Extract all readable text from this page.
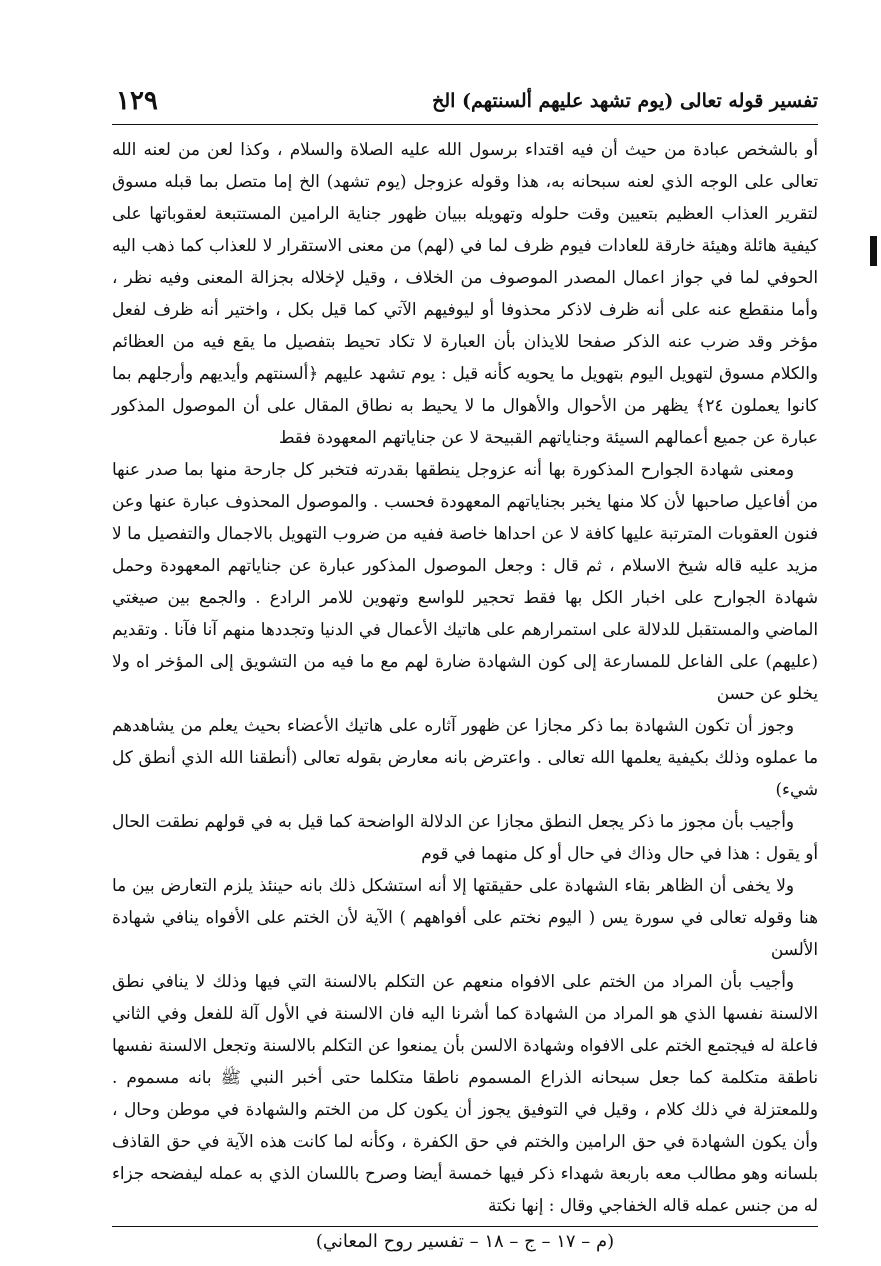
تفسير قوله تعالى (يوم تشهد عليهم ألسنتهم) الخ
١٢٩

أو بالشخص عبادة من حيث أن فيه اقتداء برسول الله عليه الصلاة والسلام ، وكذا لعن من لعنه الله تعالى على الوجه الذي لعنه سبحانه به، هذا وقوله عزوجل (يوم تشهد) الخ إما متصل بما قبله مسوق لتقرير العذاب العظيم بتعيين وقت حلوله وتهويله ببيان ظهور جناية الرامين المستتبعة لعقوباتها على كيفية هائلة وهيئة خارقة للعادات فيوم ظرف لما في (لهم) من معنى الاستقرار لا للعذاب كما ذهب اليه الحوفي لما في جواز اعمال المصدر الموصوف من الخلاف ، وقيل لإخلاله بجزالة المعنى وفيه نظر ، وأما منقطع عنه على أنه ظرف لاذكر محذوفا أو ليوفيهم الآتي كما قيل بكل ، واختير أنه ظرف لفعل مؤخر وقد ضرب عنه الذكر صفحا للايذان بأن العبارة لا تكاد تحيط بتفصيل ما يقع فيه من العظائم والكلام مسوق لتهويل اليوم بتهويل ما يحويه كأنه قيل : يوم تشهد عليهم ﴿ألسنتهم وأيديهم وأرجلهم بما كانوا يعملون ٢٤﴾ يظهر من الأحوال والأهوال ما لا يحيط به نطاق المقال على أن الموصول المذكور عبارة عن جميع أعمالهم السيئة وجناياتهم القبيحة لا عن جناياتهم المعهودة فقط

ومعنى شهادة الجوارح المذكورة بها أنه عزوجل ينطقها بقدرته فتخبر كل جارحة منها بما صدر عنها من أفاعيل صاحبها لأن كلا منها يخبر بجناياتهم المعهودة فحسب . والموصول المحذوف عبارة عنها وعن فنون العقوبات المترتبة عليها كافة لا عن احداها خاصة ففيه من ضروب التهويل بالاجمال والتفصيل ما لا مزيد عليه قاله شيخ الاسلام ، ثم قال : وجعل الموصول المذكور عبارة عن جناياتهم المعهودة وحمل شهادة الجوارح على اخبار الكل بها فقط تحجير للواسع وتهوين للامر الرادع . والجمع بين صيغتي الماضي والمستقبل للدلالة على استمرارهم على هاتيك الأعمال في الدنيا وتجددها منهم آنا فآنا . وتقديم (عليهم) على الفاعل للمسارعة إلى كون الشهادة ضارة لهم مع ما فيه من التشويق إلى المؤخر اه ولا يخلو عن حسن

وجوز أن تكون الشهادة بما ذكر مجازا عن ظهور آثاره على هاتيك الأعضاء بحيث يعلم من يشاهدهم ما عملوه وذلك بكيفية يعلمها الله تعالى . واعترض بانه معارض بقوله تعالى (أنطقنا الله الذي أنطق كل شيء)

وأجيب بأن مجوز ما ذكر يجعل النطق مجازا عن الدلالة الواضحة كما قيل به في قولهم نطقت الحال أو يقول : هذا في حال وذاك في حال أو كل منهما في قوم

ولا يخفى أن الظاهر بقاء الشهادة على حقيقتها إلا أنه استشكل ذلك بانه حينئذ يلزم التعارض بين ما هنا وقوله تعالى في سورة يس ( اليوم نختم على أفواههم ) الآية لأن الختم على الأفواه ينافي شهادة الألسن

وأجيب بأن المراد من الختم على الافواه منعهم عن التكلم بالالسنة التي فيها وذلك لا ينافي نطق الالسنة نفسها الذي هو المراد من الشهادة كما أشرنا اليه فان الالسنة في الأول آلة للفعل وفي الثاني فاعلة له فيجتمع الختم على الافواه وشهادة الالسن بأن يمنعوا عن التكلم بالالسنة وتجعل الالسنة نفسها ناطقة متكلمة كما جعل سبحانه الذراع المسموم ناطقا متكلما حتى أخبر النبي ﷺ بانه مسموم . وللمعتزلة في ذلك كلام ، وقيل في التوفيق يجوز أن يكون كل من الختم والشهادة في موطن وحال ، وأن يكون الشهادة في حق الرامين والختم في حق الكفرة ، وكأنه لما كانت هذه الآية في حق القاذف بلسانه وهو مطالب معه باربعة شهداء ذكر فيها خمسة أيضا وصرح باللسان الذي به عمله ليفضحه جزاء له من جنس عمله قاله الخفاجي وقال : إنها نكتة

(م – ١٧ – ج – ١٨ – تفسير روح المعاني)
